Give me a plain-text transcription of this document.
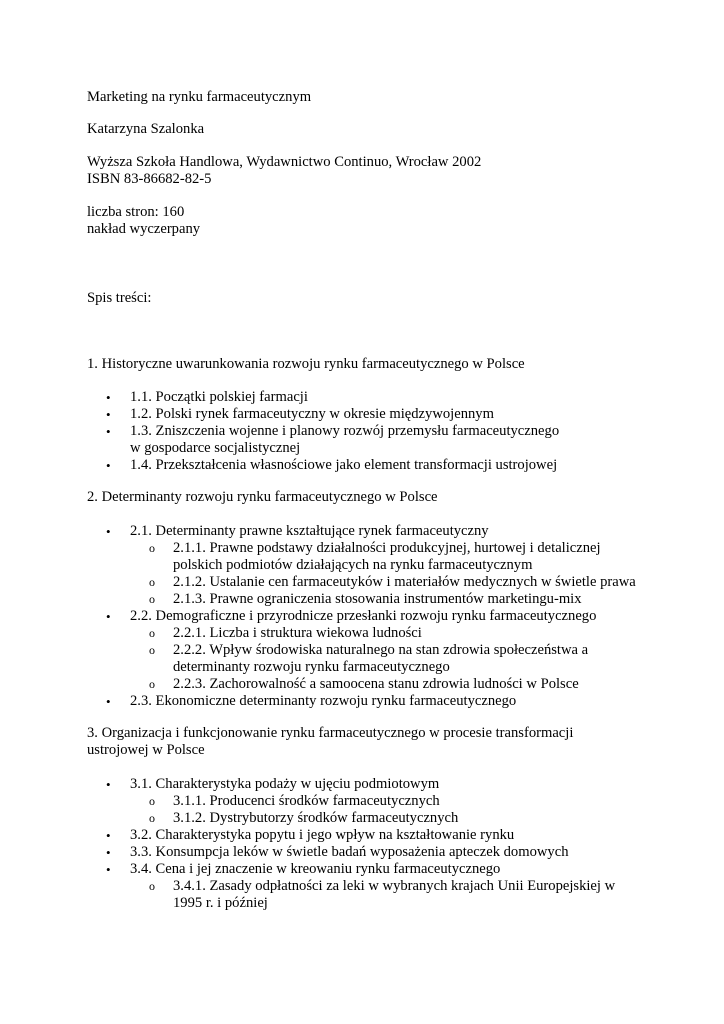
Marketing na rynku farmaceutycznym
Katarzyna Szalonka
Wyższa Szkoła Handlowa, Wydawnictwo Continuo, Wrocław 2002
ISBN 83-86682-82-5
liczba stron: 160
nakład wyczerpany
Spis treści:
1. Historyczne uwarunkowania rozwoju rynku farmaceutycznego w Polsce
• 1.1. Początki polskiej farmacji
• 1.2. Polski rynek farmaceutyczny w okresie międzywojennym
• 1.3. Zniszczenia wojenne i planowy rozwój przemysłu farmaceutycznego w gospodarce socjalistycznej
• 1.4. Przekształcenia własnościowe jako element transformacji ustrojowej
2. Determinanty rozwoju rynku farmaceutycznego w Polsce
• 2.1. Determinanty prawne kształtujące rynek farmaceutyczny
o 2.1.1. Prawne podstawy działalności produkcyjnej, hurtowej i detalicznej polskich podmiotów działających na rynku farmaceutycznym
o 2.1.2. Ustalanie cen farmaceutyków i materiałów medycznych w świetle prawa
o 2.1.3. Prawne ograniczenia stosowania instrumentów marketingu-mix
• 2.2. Demograficzne i przyrodnicze przesłanki rozwoju rynku farmaceutycznego
o 2.2.1. Liczba i struktura wiekowa ludności
o 2.2.2. Wpływ środowiska naturalnego na stan zdrowia społeczeństwa a determinanty rozwoju rynku farmaceutycznego
o 2.2.3. Zachorowalność a samoocena stanu zdrowia ludności w Polsce
• 2.3. Ekonomiczne determinanty rozwoju rynku farmaceutycznego
3. Organizacja i funkcjonowanie rynku farmaceutycznego w procesie transformacji ustrojowej w Polsce
• 3.1. Charakterystyka podaży w ujęciu podmiotowym
o 3.1.1. Producenci środków farmaceutycznych
o 3.1.2. Dystrybutorzy środków farmaceutycznych
• 3.2. Charakterystyka popytu i jego wpływ na kształtowanie rynku
• 3.3. Konsumpcja leków w świetle badań wyposażenia apteczek domowych
• 3.4. Cena i jej znaczenie w kreowaniu rynku farmaceutycznego
o 3.4.1. Zasady odpłatności za leki w wybranych krajach Unii Europejskiej w 1995 r. i później
